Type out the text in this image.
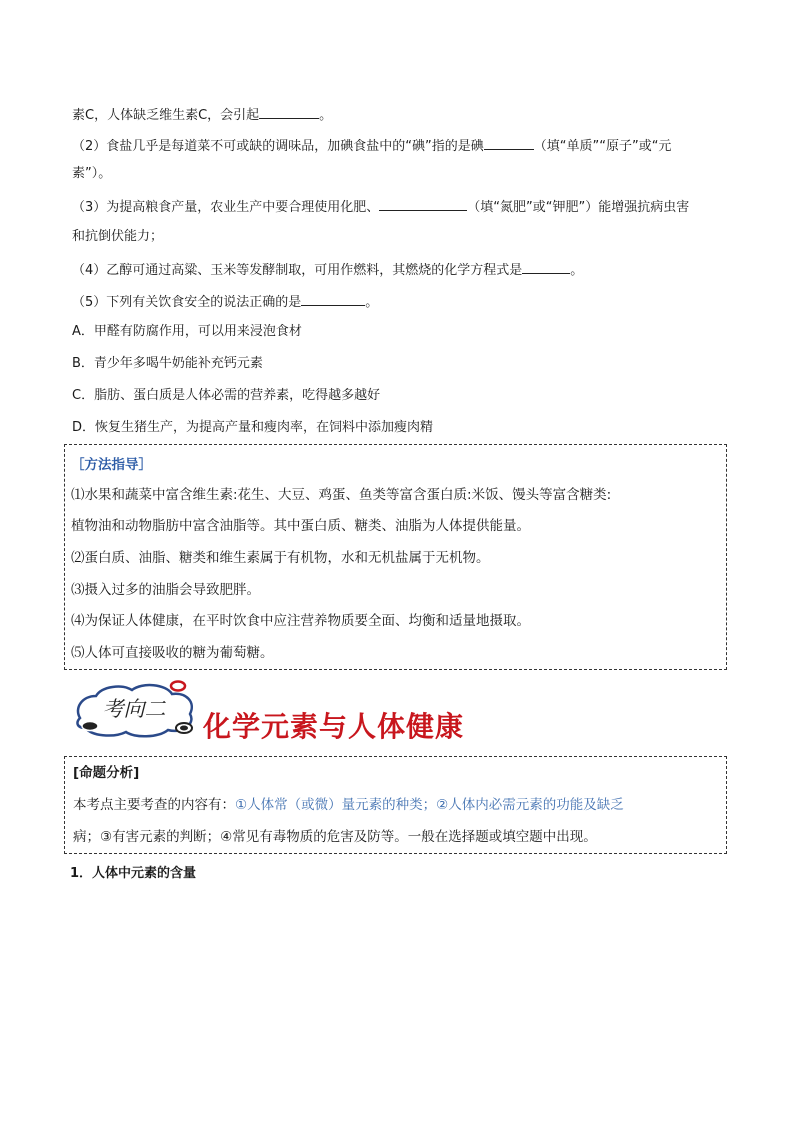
素C，人体缺乏维生素C，会引起	。
（2）食盐几乎是每道菜不可或缺的调味品，加碘食盐中的“碘”指的是碘	（填“单质”“原子”或“元
素”）。
（3）为提高粮食产量，农业生产中要合理使用化肥、	（填“氮肥”或“钾肥”）能增强抗病虫害
和抗倒伏能力；
（4）乙醇可通过高粱、玉米等发酵制取，可用作燃料，其燃烧的化学方程式是	。
（5）下列有关饮食安全的说法正确的是	。
A．甲醛有防腐作用，可以用来浸泡食材
B．青少年多喝牛奶能补充钙元素
C．脂肪、蛋白质是人体必需的营养素，吃得越多越好
D．恢复生猪生产，为提高产量和瘦肉率，在饲料中添加瘦肉精
［方法指导］
⑴水果和蔬菜中富含维生素:花生、大豆、鸡蛋、鱼类等富含蛋白质:米饭、馒头等富含糖类:
植物油和动物脂肪中富含油脂等。其中蛋白质、糖类、油脂为人体提供能量。
⑵蛋白质、油脂、糖类和维生素属于有机物，水和无机盐属于无机物。
⑶摄入过多的油脂会导致肥胖。
⑷为保证人体健康，在平时饮食中应注营养物质要全面、均衡和适量地摄取。
⑸人体可直接吸收的糖为葡萄糖。
考向二
化学元素与人体健康
[命题分析]
本考点主要考查的内容有：①人体常（或微）量元素的种类；②人体内必需元素的功能及缺乏
病；③有害元素的判断；④常见有毒物质的危害及防等。一般在选择题或填空题中出现。
1．人体中元素的含量
